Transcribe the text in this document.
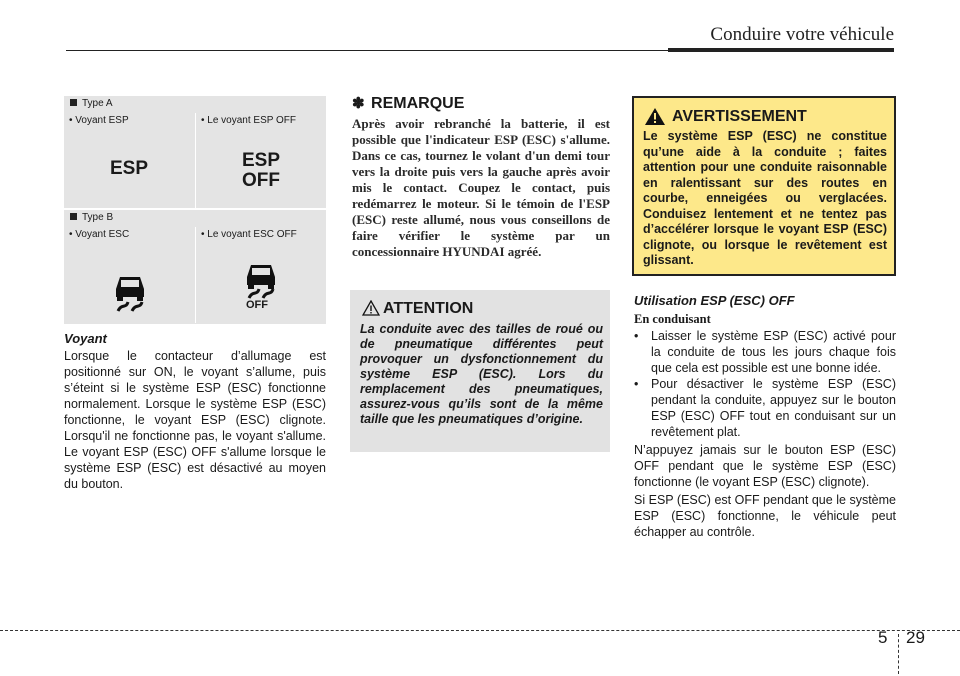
Conduire votre véhicule
Type A
• Voyant ESP
ESP
• Le voyant ESP OFF
ESP
OFF
Type B
• Voyant ESC	• Le voyant ESC OFF
OFF
Voyant
Lorsque le contacteur d’allumage est positionné sur ON, le voyant s’allume, puis s’éteint si le système ESP (ESC) fonctionne normalement. Lorsque le système ESP (ESC) fonctionne, le voyant ESP (ESC) clignote. Lorsqu'il ne fonctionne pas, le voyant s'allume. Le voyant ESP (ESC) OFF s'allume lorsque le système ESP (ESC) est désactivé au moyen du bouton.
✽ REMARQUE
Après avoir rebranché la batterie, il est possible que l'indicateur ESP (ESC) s'allume. Dans ce cas, tournez le volant d'un demi tour vers la droite puis vers la gauche après avoir mis le contact. Coupez le contact, puis redémarrez le moteur. Si le témoin de l'ESP (ESC) reste allumé, nous vous conseillons de faire vérifier le système par un concessionnaire HYUNDAI agréé.
ATTENTION
La conduite avec des tailles de roué ou de pneumatique différentes peut provoquer un dysfonctionnement du système ESP (ESC). Lors du remplacement des pneumatiques, assurez-vous qu’ils sont de la même taille que les pneumatiques d’origine.
AVERTISSEMENT
Le système ESP (ESC) ne constitue qu’une aide à la conduite ; faites attention pour une conduite raisonnable en ralentissant sur des routes en courbe, enneigées ou verglacées. Conduisez lentement et ne tentez pas d’accélérer lorsque le voyant ESP (ESC) clignote, ou lorsque le revêtement est glissant.
Utilisation ESP (ESC) OFF
En conduisant
• Laisser le système ESP (ESC) activé pour la conduite de tous les jours chaque fois que cela est possible est une bonne idée.
• Pour désactiver le système ESP (ESC) pendant la conduite, appuyez sur le bouton ESP (ESC) OFF tout en conduisant sur un revêtement plat.
N’appuyez jamais sur le bouton ESP (ESC) OFF pendant que le système ESP (ESC) fonctionne (le voyant ESP (ESC) clignote).
Si ESP (ESC) est OFF pendant que le système ESP (ESC) fonctionne, le véhicule peut échapper au contrôle.
5 29
